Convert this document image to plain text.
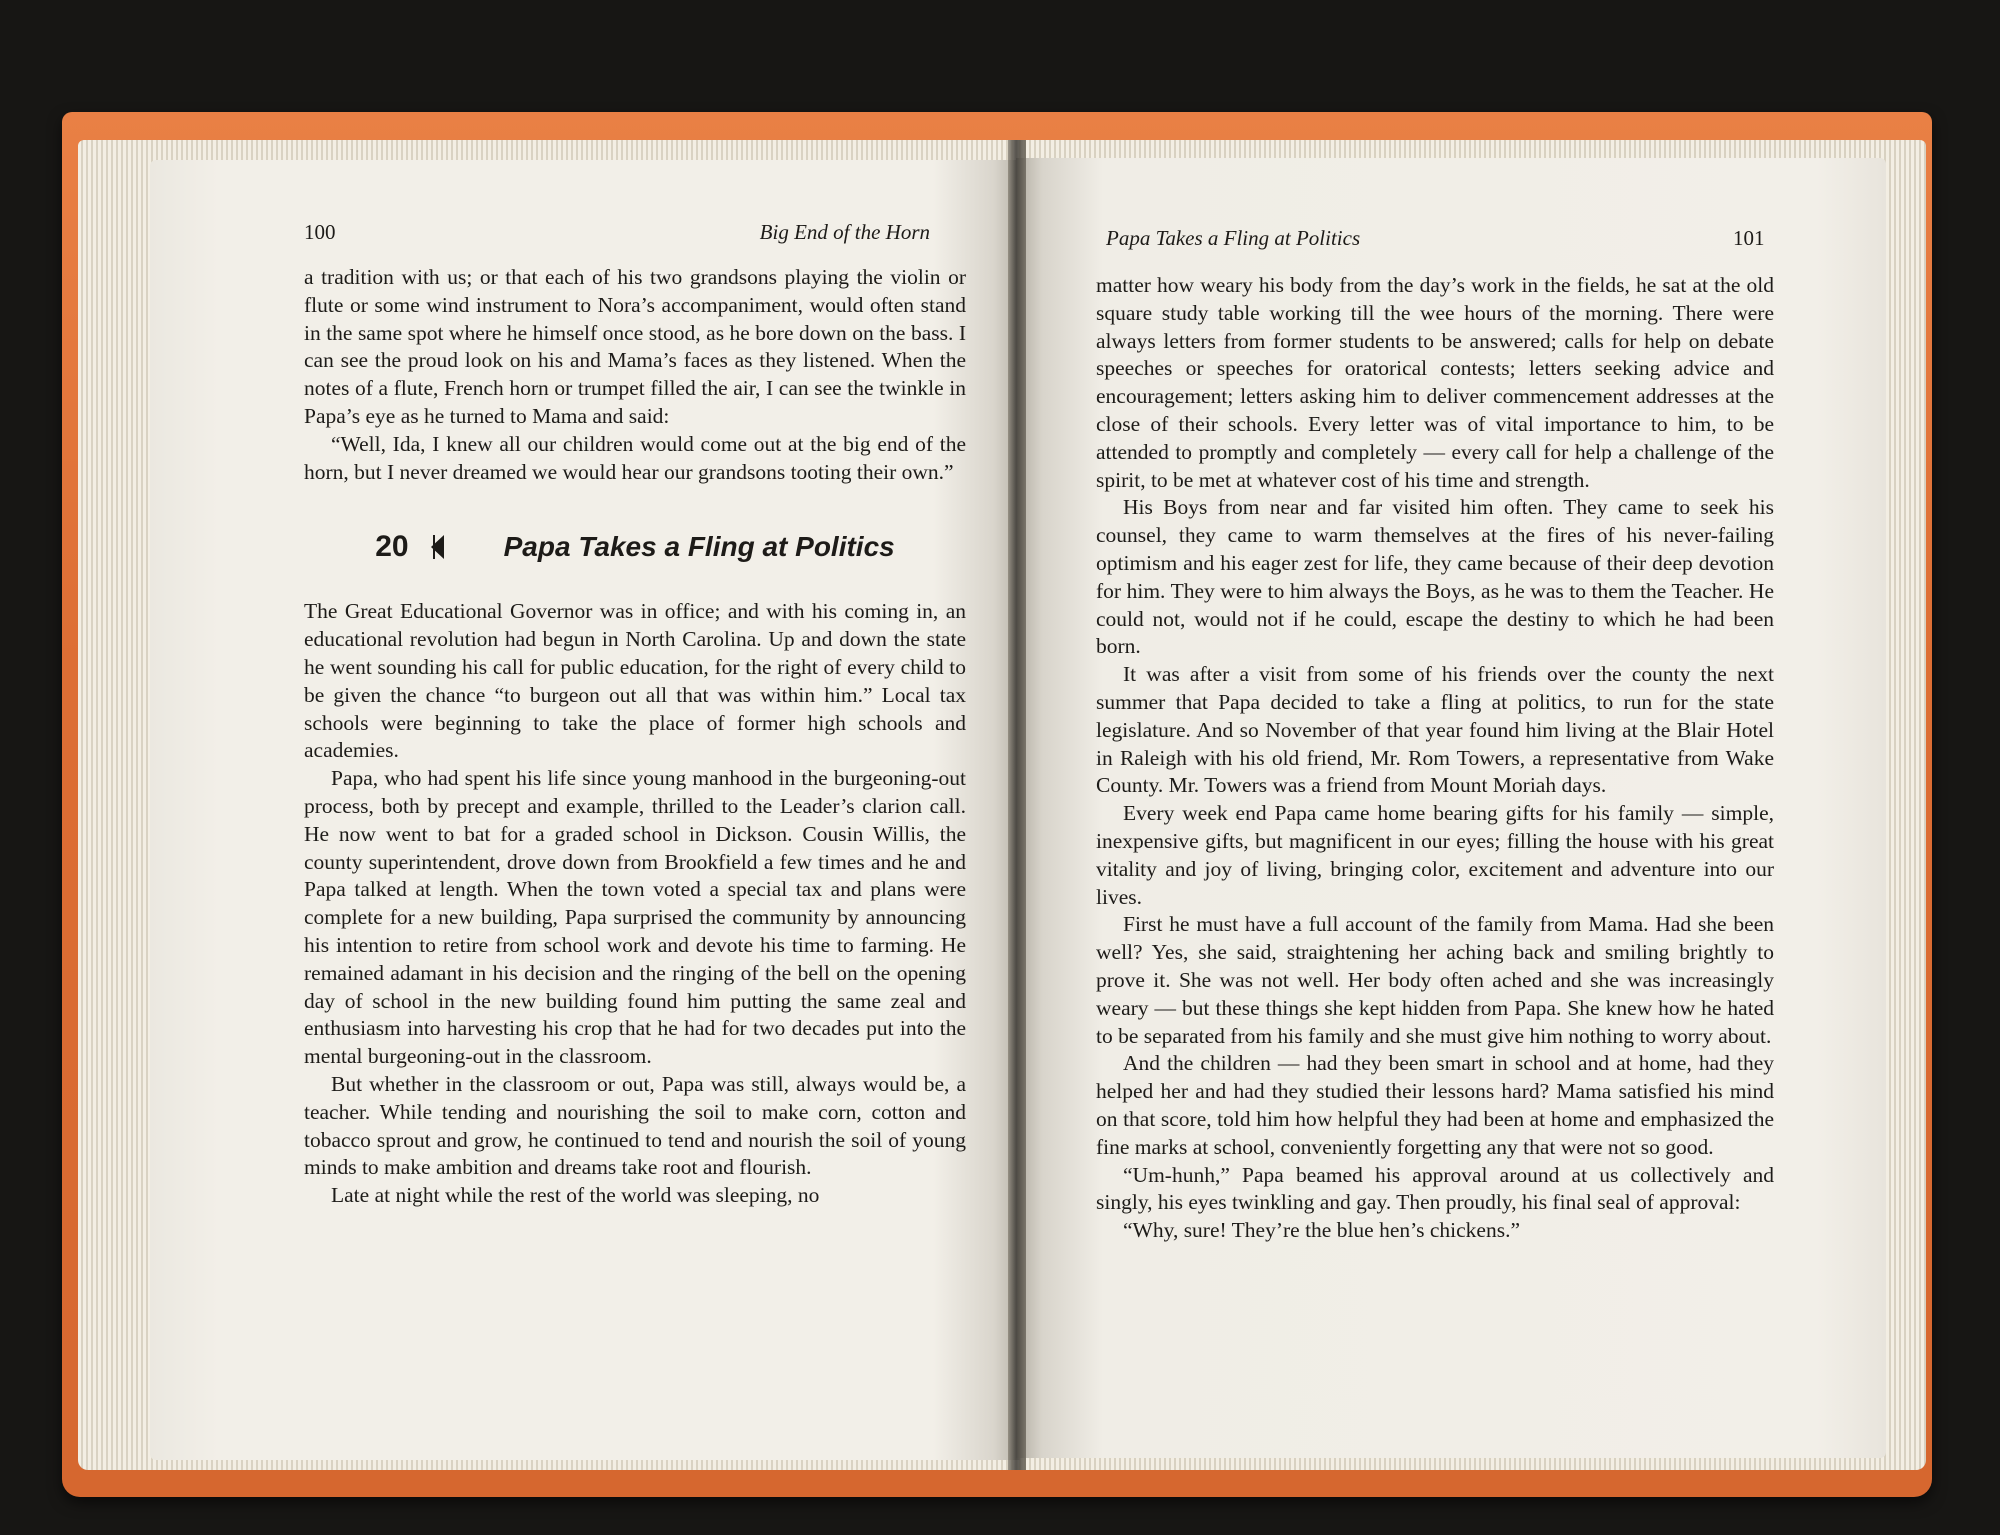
100	Big End of the Horn

a tradition with us; or that each of his two grandsons playing the violin or flute or some wind instrument to Nora’s accompaniment, would often stand in the same spot where he himself once stood, as he bore down on the bass. I can see the proud look on his and Mama’s faces as they listened. When the notes of a flute, French horn or trumpet filled the air, I can see the twinkle in Papa’s eye as he turned to Mama and said:

“Well, Ida, I knew all our children would come out at the big end of the horn, but I never dreamed we would hear our grandsons tooting their own.”

20	Papa Takes a Fling at Politics

The Great Educational Governor was in office; and with his coming in, an educational revolution had begun in North Carolina. Up and down the state he went sounding his call for public education, for the right of every child to be given the chance “to burgeon out all that was within him.” Local tax schools were beginning to take the place of former high schools and academies.

Papa, who had spent his life since young manhood in the burgeoning-out process, both by precept and example, thrilled to the Leader’s clarion call. He now went to bat for a graded school in Dickson. Cousin Willis, the county superintendent, drove down from Brookfield a few times and he and Papa talked at length. When the town voted a special tax and plans were complete for a new building, Papa surprised the community by announcing his intention to retire from school work and devote his time to farming. He remained adamant in his decision and the ringing of the bell on the opening day of school in the new building found him putting the same zeal and enthusiasm into harvesting his crop that he had for two decades put into the mental burgeoning-out in the classroom.

But whether in the classroom or out, Papa was still, always would be, a teacher. While tending and nourishing the soil to make corn, cotton and tobacco sprout and grow, he continued to tend and nourish the soil of young minds to make ambition and dreams take root and flourish.

Late at night while the rest of the world was sleeping, no

Papa Takes a Fling at Politics	101

matter how weary his body from the day’s work in the fields, he sat at the old square study table working till the wee hours of the morning. There were always letters from former students to be answered; calls for help on debate speeches or speeches for oratorical contests; letters seeking advice and encouragement; letters asking him to deliver commencement addresses at the close of their schools. Every letter was of vital importance to him, to be attended to promptly and completely — every call for help a challenge of the spirit, to be met at whatever cost of his time and strength.

His Boys from near and far visited him often. They came to seek his counsel, they came to warm themselves at the fires of his never-failing optimism and his eager zest for life, they came because of their deep devotion for him. They were to him always the Boys, as he was to them the Teacher. He could not, would not if he could, escape the destiny to which he had been born.

It was after a visit from some of his friends over the county the next summer that Papa decided to take a fling at politics, to run for the state legislature. And so November of that year found him living at the Blair Hotel in Raleigh with his old friend, Mr. Rom Towers, a representative from Wake County. Mr. Towers was a friend from Mount Moriah days.

Every week end Papa came home bearing gifts for his family — simple, inexpensive gifts, but magnificent in our eyes; filling the house with his great vitality and joy of living, bringing color, excitement and adventure into our lives.

First he must have a full account of the family from Mama. Had she been well? Yes, she said, straightening her aching back and smiling brightly to prove it. She was not well. Her body often ached and she was increasingly weary — but these things she kept hidden from Papa. She knew how he hated to be separated from his family and she must give him nothing to worry about.

And the children — had they been smart in school and at home, had they helped her and had they studied their lessons hard? Mama satisfied his mind on that score, told him how helpful they had been at home and emphasized the fine marks at school, conveniently forgetting any that were not so good.

“Um-hunh,” Papa beamed his approval around at us collectively and singly, his eyes twinkling and gay. Then proudly, his final seal of approval:

“Why, sure! They’re the blue hen’s chickens.”
